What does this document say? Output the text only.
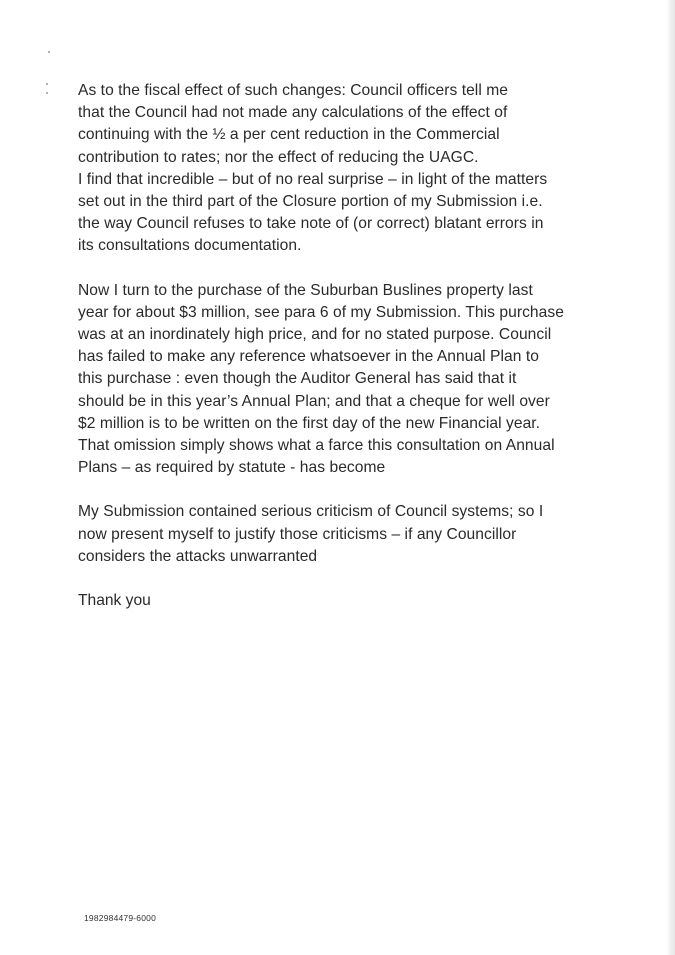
As to the fiscal effect of such changes: Council officers tell me
that the Council had not made any calculations of the effect of
continuing with the ½ a per cent reduction in the Commercial
contribution to rates; nor the effect of reducing the UAGC.
I find that incredible – but of no real surprise – in light of the matters
set out in the third part of the Closure portion of my Submission i.e.
the way Council refuses to take note of (or correct) blatant errors in
its consultations documentation.
Now I turn to the purchase of the Suburban Buslines property last
year for about $3 million, see para 6 of my Submission. This purchase
was at an inordinately high price, and for no stated purpose. Council
has failed to make any reference whatsoever in the Annual Plan to
this purchase : even though the Auditor General has said that it
should be in this year’s Annual Plan; and that a cheque for well over
$2 million is to be written on the first day of the new Financial year.
That omission simply shows what a farce this consultation on Annual
Plans – as required by statute - has become
My Submission contained serious criticism of Council systems; so I
now present myself to justify those criticisms – if any Councillor
considers the attacks unwarranted
Thank you
1982984479-6000
